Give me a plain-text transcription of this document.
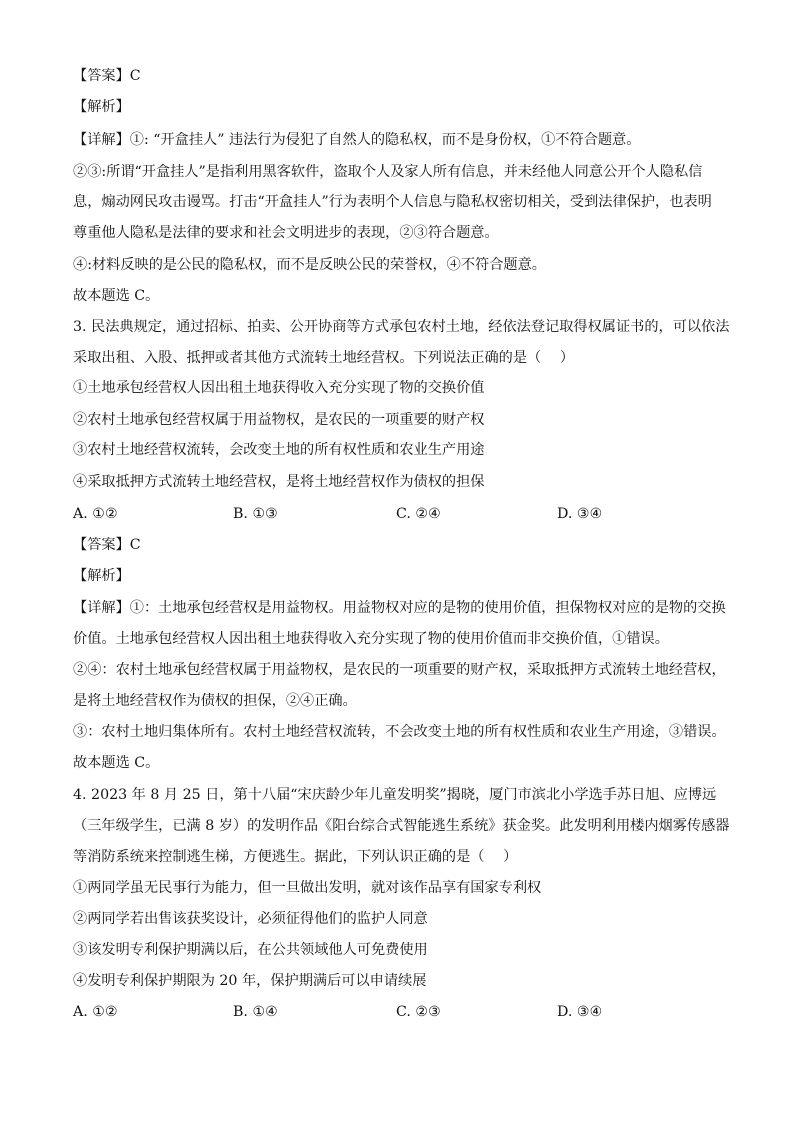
【答案】C
【解析】
【详解】①: “开盒挂人” 违法行为侵犯了自然人的隐私权，而不是身份权，①不符合题意。
②③:所谓“开盒挂人”是指利用黑客软件，盗取个人及家人所有信息，并未经他人同意公开个人隐私信
息，煽动网民攻击谩骂。打击“开盒挂人”行为表明个人信息与隐私权密切相关，受到法律保护，也表明
尊重他人隐私是法律的要求和社会文明进步的表现，②③符合题意。
④:材料反映的是公民的隐私权，而不是反映公民的荣誉权，④不符合题意。
故本题选 C。
3. 民法典规定，通过招标、拍卖、公开协商等方式承包农村土地，经依法登记取得权属证书的，可以依法
采取出租、入股、抵押或者其他方式流转土地经营权。下列说法正确的是（　 ）
①土地承包经营权人因出租土地获得收入充分实现了物的交换价值
②农村土地承包经营权属于用益物权，是农民的一项重要的财产权
③农村土地经营权流转，会改变土地的所有权性质和农业生产用途
④采取抵押方式流转土地经营权，是将土地经营权作为债权的担保
A. ①②	B. ①③	C. ②④	D. ③④
【答案】C
【解析】
【详解】①：土地承包经营权是用益物权。用益物权对应的是物的使用价值，担保物权对应的是物的交换
价值。土地承包经营权人因出租土地获得收入充分实现了物的使用价值而非交换价值，①错误。
②④：农村土地承包经营权属于用益物权，是农民的一项重要的财产权，采取抵押方式流转土地经营权，
是将土地经营权作为债权的担保，②④正确。
③：农村土地归集体所有。农村土地经营权流转，不会改变土地的所有权性质和农业生产用途，③错误。
故本题选 C。
4. 2023 年 8 月 25 日，第十八届“宋庆龄少年儿童发明奖”揭晓，厦门市滨北小学选手苏日旭、应博远
（三年级学生，已满 8 岁）的发明作品《阳台综合式智能逃生系统》获金奖。此发明利用楼内烟雾传感器
等消防系统来控制逃生梯，方便逃生。据此，下列认识正确的是（　 ）
①两同学虽无民事行为能力，但一旦做出发明，就对该作品享有国家专利权
②两同学若出售该获奖设计，必须征得他们的监护人同意
③该发明专利保护期满以后，在公共领域他人可免费使用
④发明专利保护期限为 20 年，保护期满后可以申请续展
A. ①②	B. ①④	C. ②③	D. ③④
